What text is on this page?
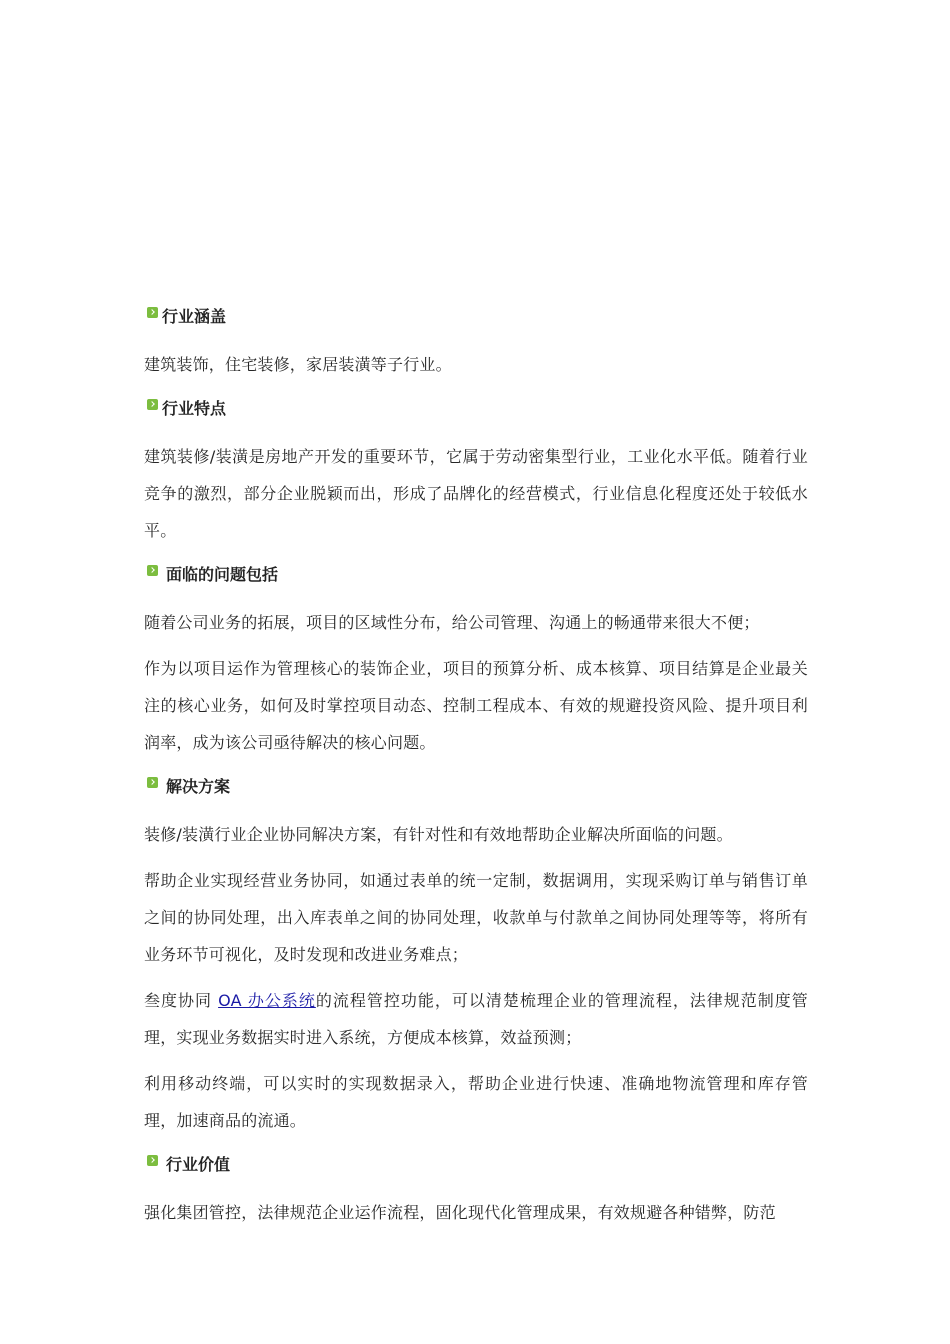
行业涵盖

建筑装饰，住宅装修，家居装潢等子行业。

行业特点

建筑装修/装潢是房地产开发的重要环节，它属于劳动密集型行业，工业化水平低。随着行业竞争的激烈，部分企业脱颖而出，形成了品牌化的经营模式，行业信息化程度还处于较低水平。

面临的问题包括

随着公司业务的拓展，项目的区域性分布，给公司管理、沟通上的畅通带来很大不便；

作为以项目运作为管理核心的装饰企业，项目的预算分析、成本核算、项目结算是企业最关注的核心业务，如何及时掌控项目动态、控制工程成本、有效的规避投资风险、提升项目利润率，成为该公司亟待解决的核心问题。

解决方案

装修/装潢行业企业协同解决方案，有针对性和有效地帮助企业解决所面临的问题。

帮助企业实现经营业务协同，如通过表单的统一定制，数据调用，实现采购订单与销售订单之间的协同处理，出入库表单之间的协同处理，收款单与付款单之间协同处理等等，将所有业务环节可视化，及时发现和改进业务难点；

叁度协同 OA 办公系统的流程管控功能，可以清楚梳理企业的管理流程，法律规范制度管理，实现业务数据实时进入系统，方便成本核算，效益预测；

利用移动终端，可以实时的实现数据录入，帮助企业进行快速、准确地物流管理和库存管理，加速商品的流通。

行业价值

强化集团管控，法律规范企业运作流程，固化现代化管理成果，有效规避各种错弊，防范
